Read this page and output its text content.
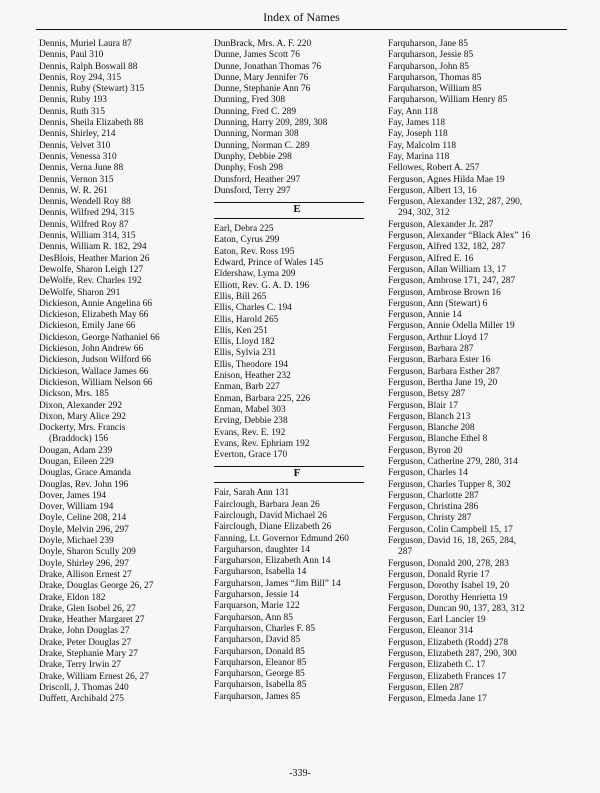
Index of Names
Dennis, Muriel Laura 87
Dennis, Paul 310
Dennis, Ralph Boswall 88
Dennis, Roy 294, 315
Dennis, Ruby (Stewart) 315
Dennis, Ruby 193
Dennis, Ruth 315
Dennis, Sheila Elizabeth 88
Dennis, Shirley, 214
Dennis, Velvet 310
Dennis, Venessa 310
Dennis, Verna June 88
Dennis, Vernon 315
Dennis, W. R. 261
Dennis, Wendell Roy 88
Dennis, Wilfred 294, 315
Dennis, Wilfred Roy 87
Dennis, William 314, 315
Dennis, William R. 182, 294
DesBlois, Heather Marion 26
Dewolfe, Sharon Leigh 127
DeWolfe, Rev. Charles 192
DeWolfe, Sharon 291
Dickieson, Annie Angelina 66
Dickieson, Elizabeth May 66
Dickieson, Emily Jane 66
Dickieson, George Nathaniel 66
Dickieson, John Andrew 66
Dickieson, Judson Wilford 66
Dickieson, Wallace James 66
Dickieson, William Nelson 66
Dickson, Mrs. 185
Dixon, Alexander 292
Dixon, Mary Alice 292
Dockerty, Mrs. Francis
(Braddock) 156
Dougan, Adam 239
Dougan, Eileen 229
Douglas, Grace Amanda
Douglas, Rev. John 196
Dover, James 194
Dover, William 194
Doyle, Celine 208, 214
Doyle, Melvin 296, 297
Doyle, Michael 239
Doyle, Sharon Scully 209
Doyle, Shirley 296, 297
Drake, Allison Ernest 27
Drake, Douglas George 26, 27
Drake, Eldon 182
Drake, Glen Isobel 26, 27
Drake, Heather Margaret 27
Drake, John Douglas 27
Drake, Peter Douglas 27
Drake, Stephanie Mary 27
Drake, Terry Irwin 27
Drake, William Ernest 26, 27
Driscoll, J. Thomas 240
Duffett, Archibald 275
DunBrack, Mrs. A. F. 220
Dunne, James Scott 76
Dunne, Jonathan Thomas 76
Dunne, Mary Jennifer 76
Dunne, Stephanie Ann 76
Dunning, Fred 308
Dunning, Fred C. 289
Dunning, Harry 209, 289, 308
Dunning, Norman 308
Dunning, Norman C. 289
Dunphy, Debbie 298
Dunphy, Fosh 298
Dunsford, Heather 297
Dunsford, Terry 297
E
Earl, Debra 225
Eaton, Cyrus 299
Eaton, Rev. Ross 195
Edward, Prince of Wales 145
Eldershaw, Lyma 209
Elliott, Rev. G. A. D. 196
Ellis, Bill 265
Ellis, Charles C. 194
Ellis, Harold 265
Ellis, Ken 251
Ellis, Lloyd 182
Ellis, Sylvia 231
Ellis, Theodore 194
Enison, Heather 232
Enman, Barb 227
Enman, Barbara 225, 226
Enman, Mabel 303
Erving, Debbie 238
Evans, Rev. E. 192
Evans, Rev. Ephriam 192
Everton, Grace 170
F
Fair, Sarah Ann 131
Fairclough, Barbara Jean 26
Fairclough, David Michael 26
Fairclough, Diane Elizabeth 26
Fanning, Lt. Governor Edmund 260
Farguharson, daughter 14
Farguharson, Elizabeth Ann 14
Farguharson, Isabella 14
Farguharson, James “Jim Bill” 14
Farguharson, Jessie 14
Farquarson, Marie 122
Farquharson, Ann 85
Farquharson, Charles F. 85
Farquharson, David 85
Farquharson, Donald 85
Farquharson, Eleanor 85
Farquharson, George 85
Farquharson, Isabella 85
Farquharson, James 85
Farquharson, Jane 85
Farquharson, Jessie 85
Farquharson, John 85
Farquharson, Thomas 85
Farquharson, William 85
Farquharson, William Henry 85
Fay, Ann 118
Fay, James 118
Fay, Joseph 118
Fay, Malcolm 118
Fay, Marina 118
Fellowes, Robert A. 257
Ferguson, Agnes Hilda Mae 19
Ferguson, Albert 13, 16
Ferguson, Alexander 132, 287, 290,
294, 302, 312
Ferguson, Alexander Jr. 287
Ferguson, Alexander “Black Alex” 16
Ferguson, Alfred 132, 182, 287
Ferguson, Alfred E. 16
Ferguson, Allan William 13, 17
Ferguson, Ambrose 171, 247, 287
Ferguson, Ambrose Brown 16
Ferguson, Ann (Stewart) 6
Ferguson, Annie 14
Ferguson, Annie Odella Miller 19
Ferguson, Arthur Lloyd 17
Ferguson, Barbara 287
Ferguson, Barbara Ester 16
Ferguson, Barbara Esther 287
Ferguson, Bertha Jane 19, 20
Ferguson, Betsy 287
Ferguson, Blair 17
Ferguson, Blanch 213
Ferguson, Blanche 208
Ferguson, Blanche Ethel 8
Ferguson, Byron 20
Ferguson, Catherine 279, 280, 314
Ferguson, Charles 14
Ferguson, Charles Tupper 8, 302
Ferguson, Charlotte 287
Ferguson, Christina 286
Ferguson, Christy 287
Ferguson, Colin Campbell 15, 17
Ferguson, David 16, 18, 265, 284,
287
Ferguson, Donald 200, 278, 283
Ferguson, Donald Ryrie 17
Ferguson, Dorothy Isabel 19, 20
Ferguson, Dorothy Henrietta 19
Ferguson, Duncan 90, 137, 283, 312
Ferguson, Earl Lancier 19
Ferguson, Eleanor 314
Ferguson, Elizabeth (Rodd) 278
Ferguson, Elizabeth 287, 290, 300
Ferguson, Elizabeth C. 17
Ferguson, Elizabeth Frances 17
Ferguson, Ellen 287
Ferguson, Elmeda Jane 17
-339-
